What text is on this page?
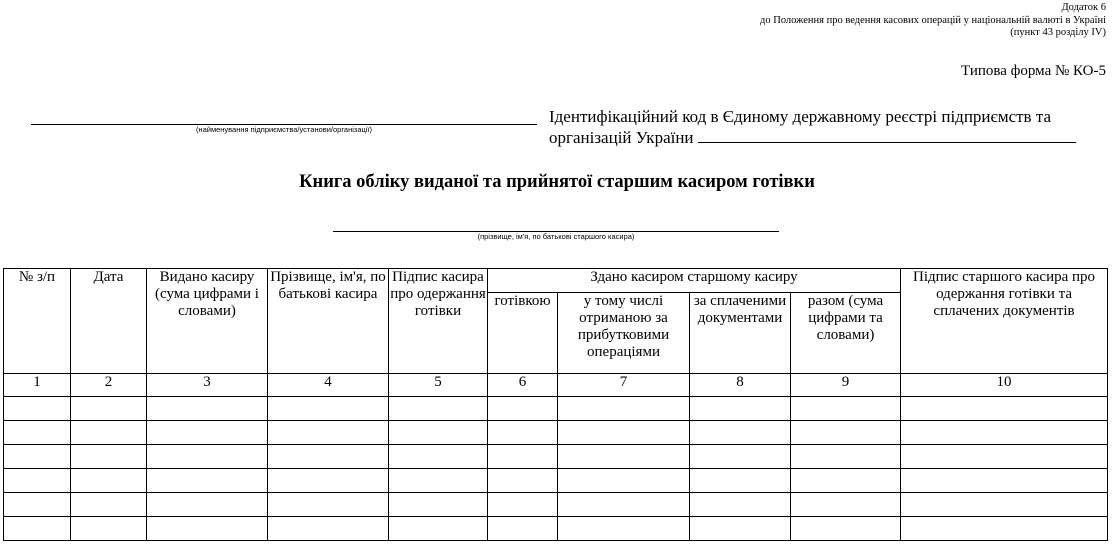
Додаток 6
до Положення про ведення касових операцій у національній валюті в Україні
(пункт 43 розділу IV)
Типова форма № КО-5
(найменування підприємства/установи/організації)
Ідентифікаційний код в Єдиному державному реєстрі підприємств та
організацій України
Книга обліку виданої та прийнятої старшим касиром готівки
(прізвище, ім'я, по батькові старшого касира)
№ з/п	Дата	Видано касиру (сума цифрами і словами)	Прізвище, ім'я, по батькові касира	Підпис касира про одержання готівки	Здано касиром старшому касиру				Підпис старшого касира про одержання готівки та сплачених документів
					готівкою	у тому числі отриманою за прибутковими операціями	за сплаченими документами	разом (сума цифрами та словами)	
1	2	3	4	5	6	7	8	9	10
